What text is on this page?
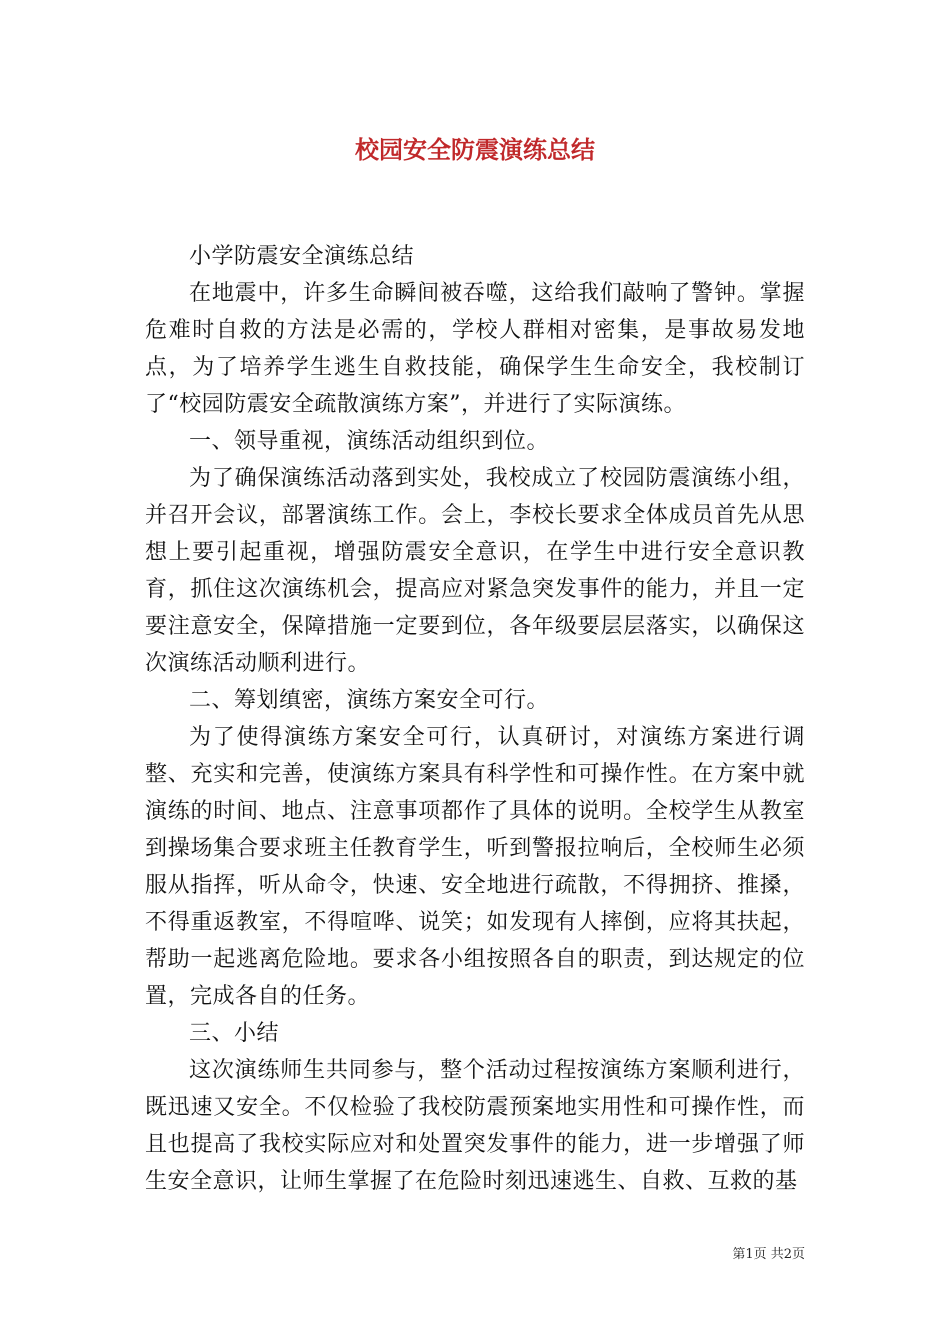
校园安全防震演练总结

小学防震安全演练总结

在地震中，许多生命瞬间被吞噬，这给我们敲响了警钟。掌握危难时自救的方法是必需的，学校人群相对密集，是事故易发地点，为了培养学生逃生自救技能，确保学生生命安全，我校制订了“校园防震安全疏散演练方案”，并进行了实际演练。

一、领导重视，演练活动组织到位。

为了确保演练活动落到实处，我校成立了校园防震演练小组，并召开会议，部署演练工作。会上，李校长要求全体成员首先从思想上要引起重视，增强防震安全意识，在学生中进行安全意识教育，抓住这次演练机会，提高应对紧急突发事件的能力，并且一定要注意安全，保障措施一定要到位，各年级要层层落实，以确保这次演练活动顺利进行。

二、筹划缜密，演练方案安全可行。

为了使得演练方案安全可行，认真研讨，对演练方案进行调整、充实和完善，使演练方案具有科学性和可操作性。在方案中就演练的时间、地点、注意事项都作了具体的说明。全校学生从教室到操场集合要求班主任教育学生，听到警报拉响后，全校师生必须服从指挥，听从命令，快速、安全地进行疏散，不得拥挤、推搡，不得重返教室，不得喧哗、说笑；如发现有人摔倒，应将其扶起，帮助一起逃离危险地。要求各小组按照各自的职责，到达规定的位置，完成各自的任务。

三、小结

这次演练师生共同参与，整个活动过程按演练方案顺利进行，既迅速又安全。不仅检验了我校防震预案地实用性和可操作性，而且也提高了我校实际应对和处置突发事件的能力，进一步增强了师生安全意识，让师生掌握了在危险时刻迅速逃生、自救、互救的基

第1页 共2页
